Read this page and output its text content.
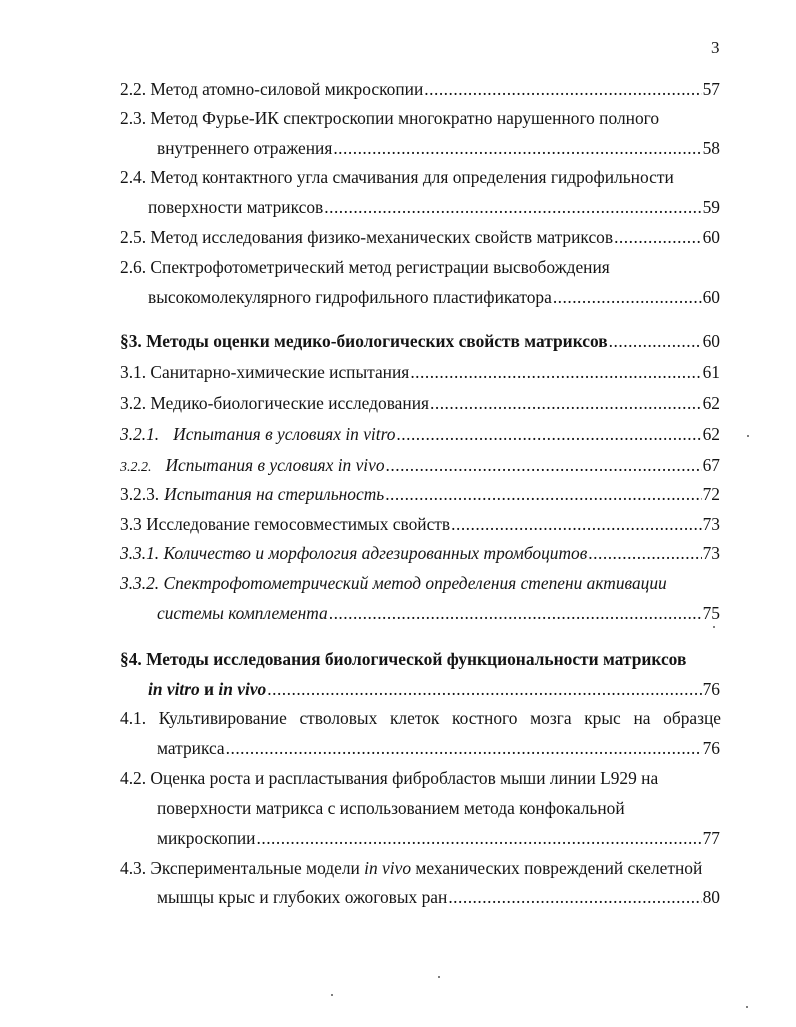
3
2.2. Метод атомно-силовой микроскопии .....	57
2.3. Метод Фурье-ИК спектроскопии многократно нарушенного полного
внутреннего отражения .....	58
2.4. Метод контактного угла смачивания для определения гидрофильности
поверхности матриксов .....	59
2.5. Метод исследования физико-механических свойств матриксов .....	60
2.6. Спектрофотометрический метод регистрации высвобождения
высокомолекулярного гидрофильного пластификатора .....	60
§3. Методы оценки медико-биологических свойств матриксов .....	60
3.1. Санитарно-химические испытания .....	61
3.2. Медико-биологические исследования .....	62
3.2.1. Испытания в условиях in vitro .....	62
3.2.2. Испытания в условиях in vivo .....	67
3.2.3. Испытания на стерильность .....	72
3.3 Исследование гемосовместимых свойств .....	73
3.3.1. Количество и морфология адгезированных тромбоцитов .....	73
3.3.2. Спектрофотометрический метод определения степени активации
системы комплемента .....	75
§4. Методы исследования биологической функциональности матриксов
in vitro и in vivo .....	76
4.1. Культивирование стволовых клеток костного мозга крыс на образце
матрикса .....	76
4.2. Оценка роста и распластывания фибробластов мыши линии L929 на
поверхности матрикса с использованием метода конфокальной
микроскопии .....	77
4.3. Экспериментальные модели in vivo механических повреждений скелетной
мышцы крыс и глубоких ожоговых ран .....	80
